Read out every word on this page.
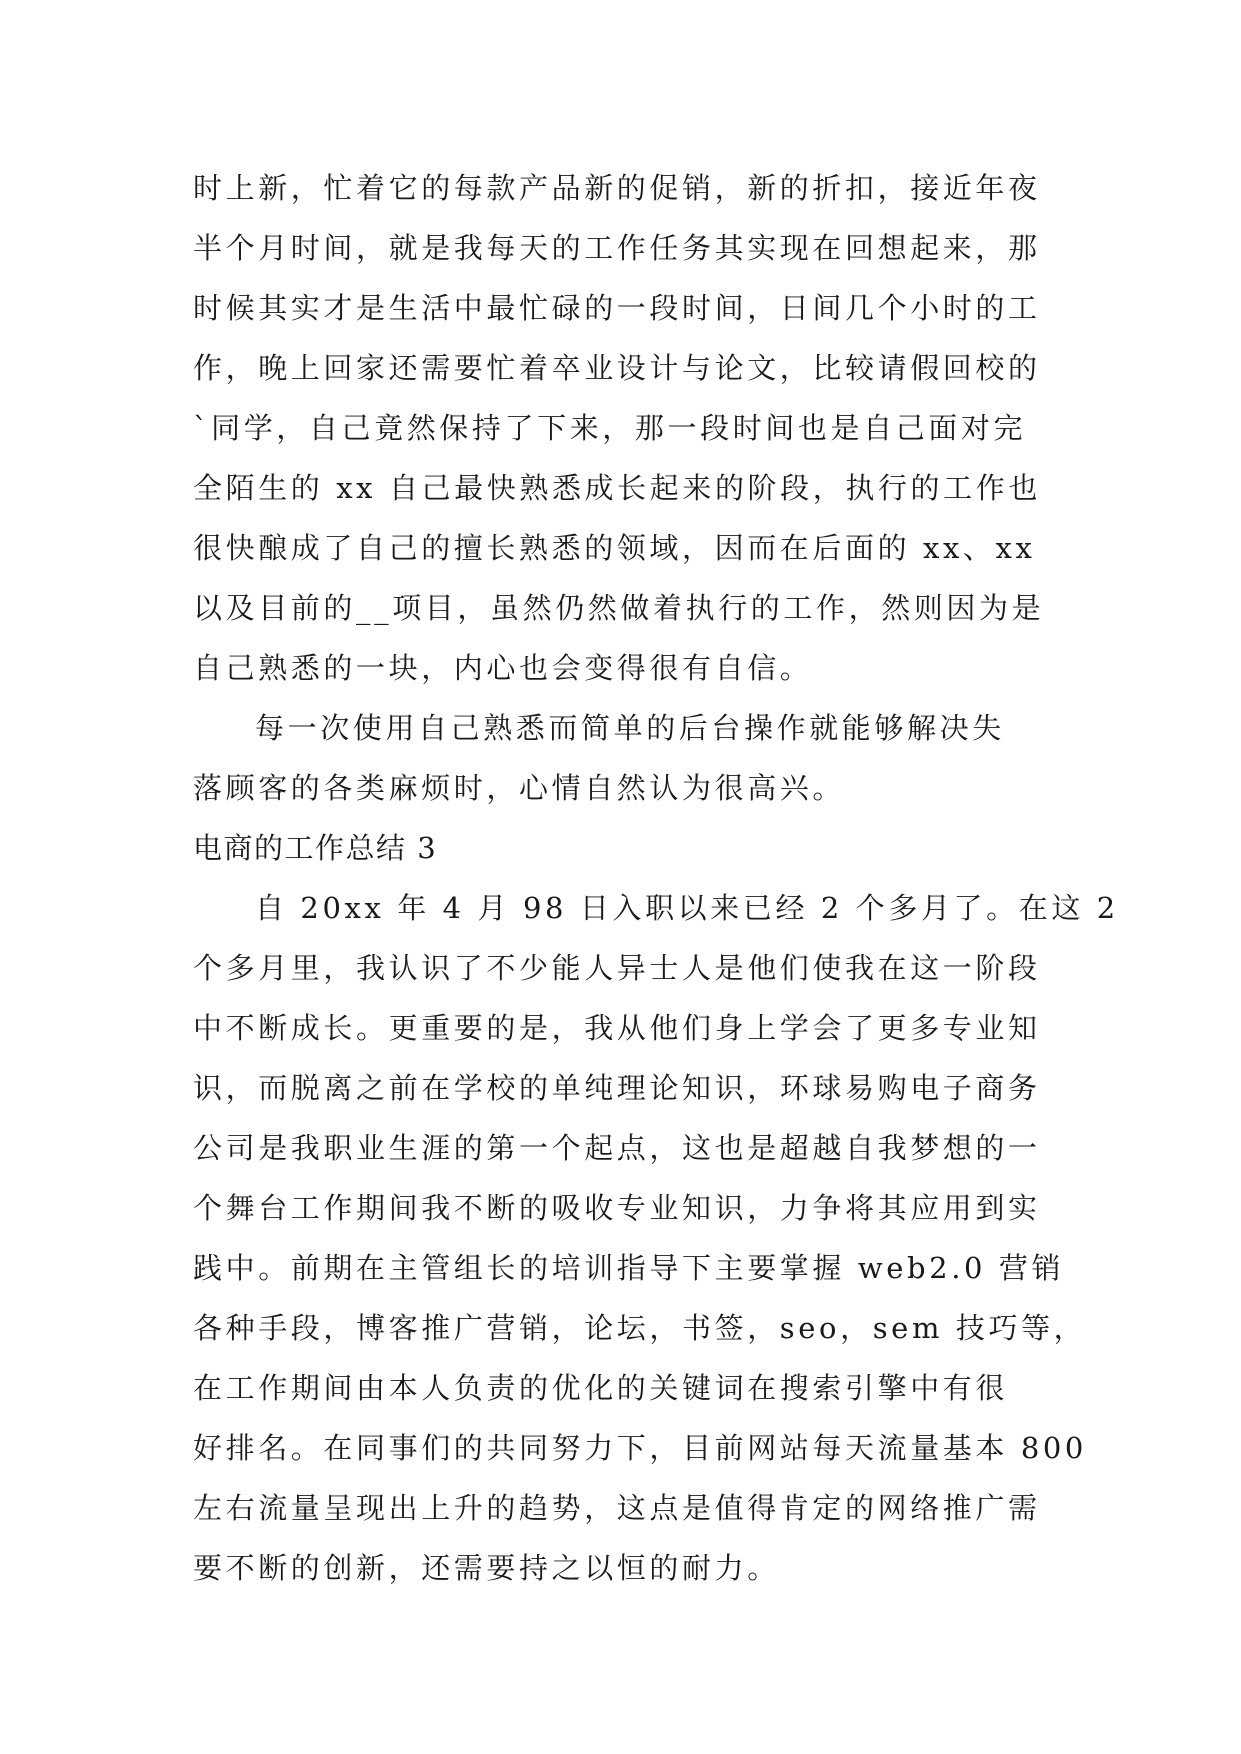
时上新，忙着它的每款产品新的促销，新的折扣，接近年夜
半个月时间，就是我每天的工作任务其实现在回想起来，那
时候其实才是生活中最忙碌的一段时间，日间几个小时的工
作，晚上回家还需要忙着卒业设计与论文，比较请假回校的
`同学，自己竟然保持了下来，那一段时间也是自己面对完
全陌生的 xx 自己最快熟悉成长起来的阶段，执行的工作也
很快酿成了自己的擅长熟悉的领域，因而在后面的 xx、xx
以及目前的__项目，虽然仍然做着执行的工作，然则因为是
自己熟悉的一块，内心也会变得很有自信。
每一次使用自己熟悉而简单的后台操作就能够解决失
落顾客的各类麻烦时，心情自然认为很高兴。
电商的工作总结 3
自 20xx 年 4 月 98 日入职以来已经 2 个多月了。在这 2
个多月里，我认识了不少能人异士人是他们使我在这一阶段
中不断成长。更重要的是，我从他们身上学会了更多专业知
识，而脱离之前在学校的单纯理论知识，环球易购电子商务
公司是我职业生涯的第一个起点，这也是超越自我梦想的一
个舞台工作期间我不断的吸收专业知识，力争将其应用到实
践中。前期在主管组长的培训指导下主要掌握 web2.0 营销
各种手段，博客推广营销，论坛，书签，seo，sem 技巧等，
在工作期间由本人负责的优化的关键词在搜索引擎中有很
好排名。在同事们的共同努力下，目前网站每天流量基本 800
左右流量呈现出上升的趋势，这点是值得肯定的网络推广需
要不断的创新，还需要持之以恒的耐力。
